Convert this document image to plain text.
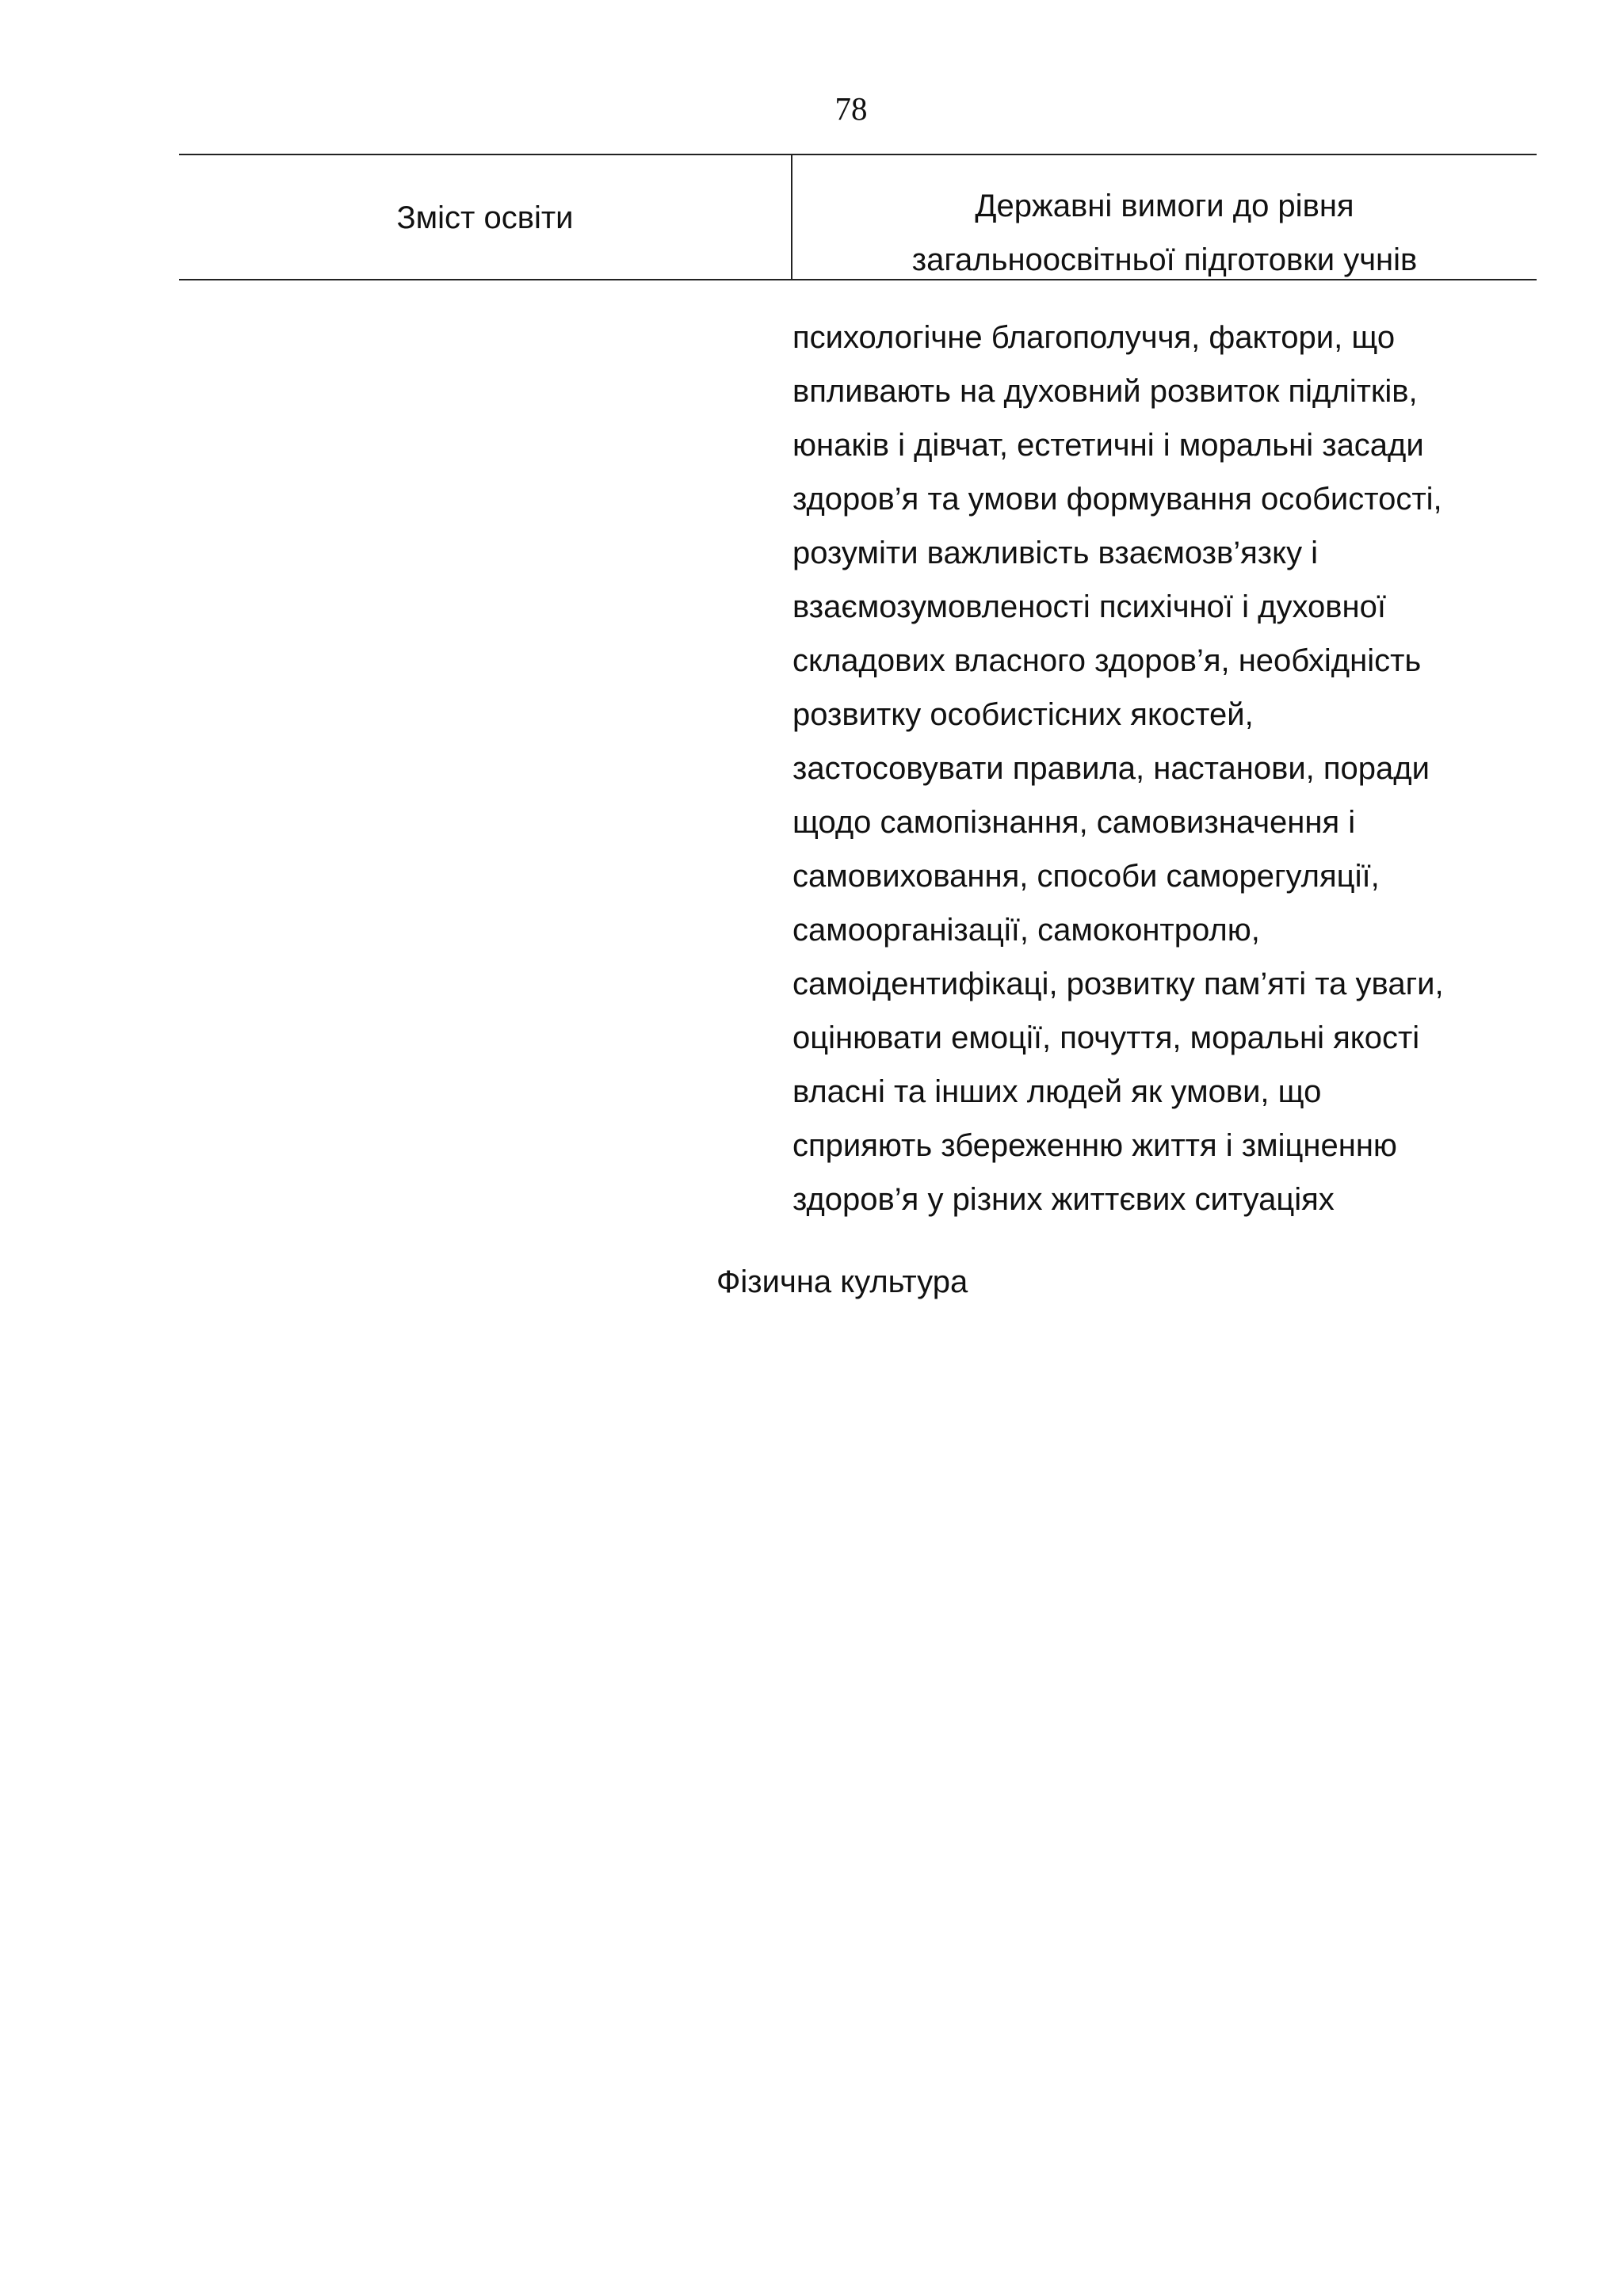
78
Зміст освіти	Державні вимоги до рівня
загальноосвітньої підготовки учнів
психологічне благополуччя, фактори, що
впливають на духовний розвиток підлітків,
юнаків і дівчат, естетичні і моральні засади
здоров’я та умови формування особистості,
розуміти важливість взаємозв’язку і
взаємозумовленості психічної і духовної
складових власного здоров’я, необхідність
розвитку особистісних якостей,
застосовувати правила, настанови, поради
щодо самопізнання, самовизначення і
самовиховання, способи саморегуляції,
самоорганізації, самоконтролю,
самоідентифікаці, розвитку пам’яті та уваги,
оцінювати емоції, почуття, моральні якості
власні та інших людей як умови, що
сприяють збереженню життя і зміцненню
здоров’я у різних життєвих ситуаціях
Фізична культура
